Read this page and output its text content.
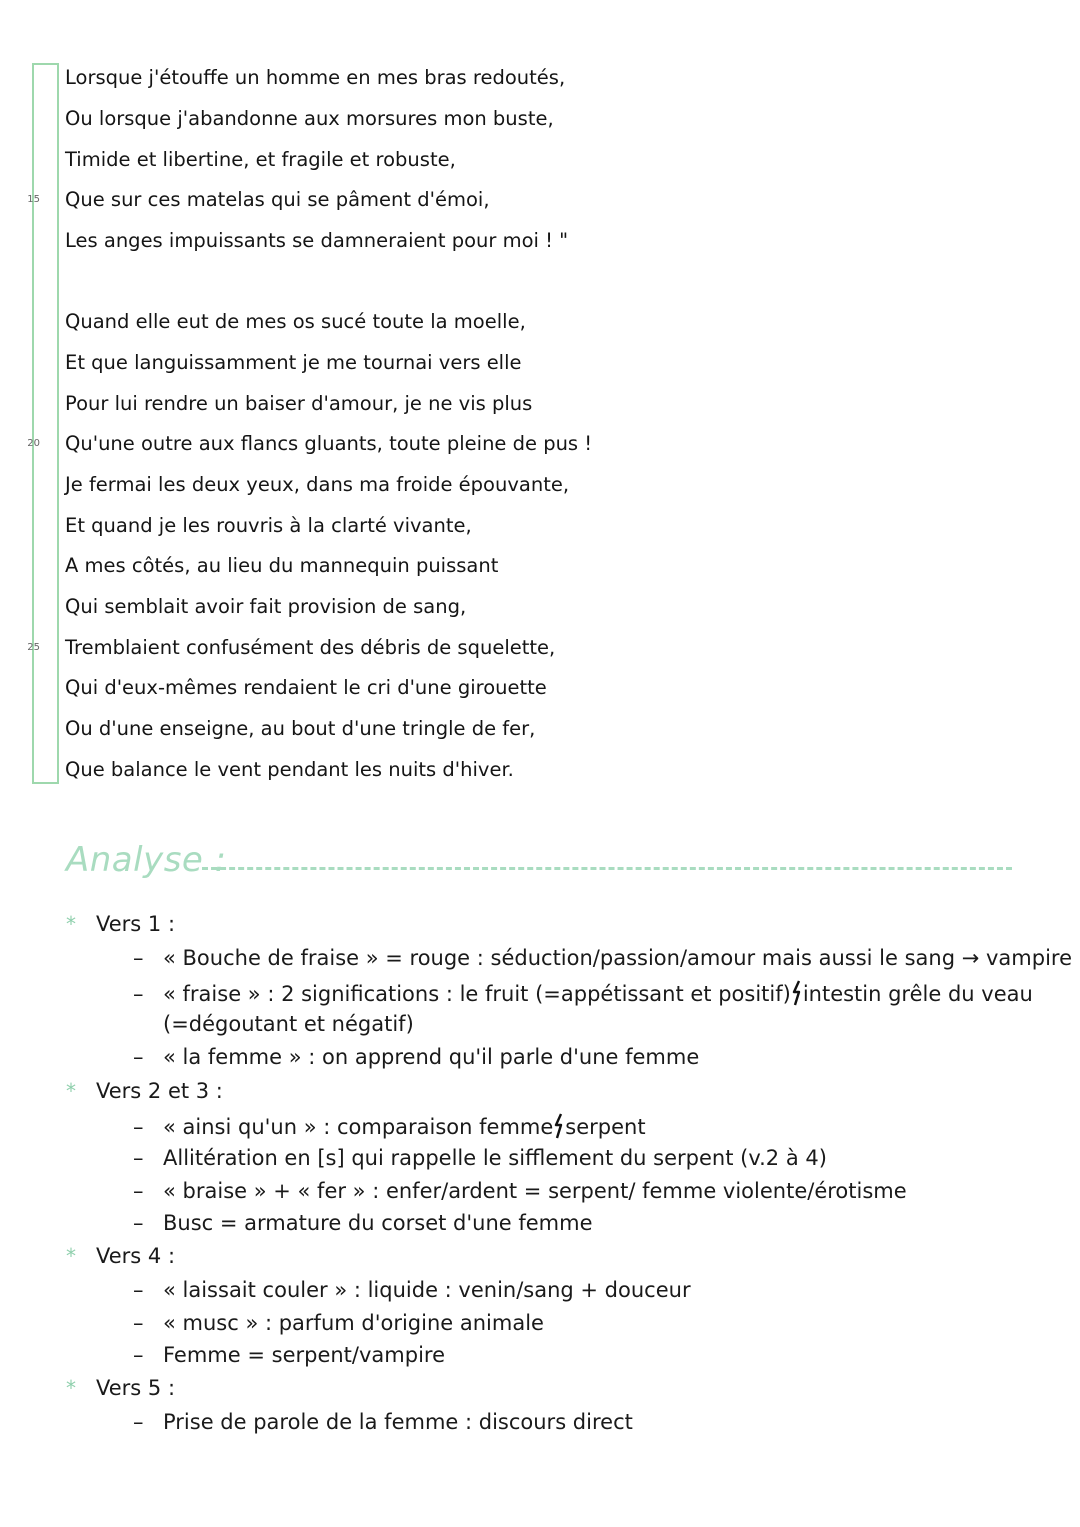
15
20
25
Lorsque j'étouffe un homme en mes bras redoutés,
Ou lorsque j'abandonne aux morsures mon buste,
Timide et libertine, et fragile et robuste,
Que sur ces matelas qui se pâment d'émoi,
Les anges impuissants se damneraient pour moi ! "
Quand elle eut de mes os sucé toute la moelle,
Et que languissamment je me tournai vers elle
Pour lui rendre un baiser d'amour, je ne vis plus
Qu'une outre aux flancs gluants, toute pleine de pus !
Je fermai les deux yeux, dans ma froide épouvante,
Et quand je les rouvris à la clarté vivante,
A mes côtés, au lieu du mannequin puissant
Qui semblait avoir fait provision de sang,
Tremblaient confusément des débris de squelette,
Qui d'eux-mêmes rendaient le cri d'une girouette
Ou d'une enseigne, au bout d'une tringle de fer,
Que balance le vent pendant les nuits d'hiver.
Analyse :
* Vers 1 :
– « Bouche de fraise » = rouge : séduction/passion/amour mais aussi le sang → vampire
– « fraise » : 2 significations : le fruit (=appétissant et positif) intestin grêle du veau
(=dégoutant et négatif)
– « la femme » : on apprend qu'il parle d'une femme
* Vers 2 et 3 :
– « ainsi qu'un » : comparaison femme serpent
– Allitération en [s] qui rappelle le sifflement du serpent (v.2 à 4)
– « braise » + « fer » : enfer/ardent = serpent/ femme violente/érotisme
– Busc = armature du corset d'une femme
* Vers 4 :
– « laissait couler » : liquide : venin/sang + douceur
– « musc » : parfum d'origine animale
– Femme = serpent/vampire
* Vers 5 :
– Prise de parole de la femme : discours direct
